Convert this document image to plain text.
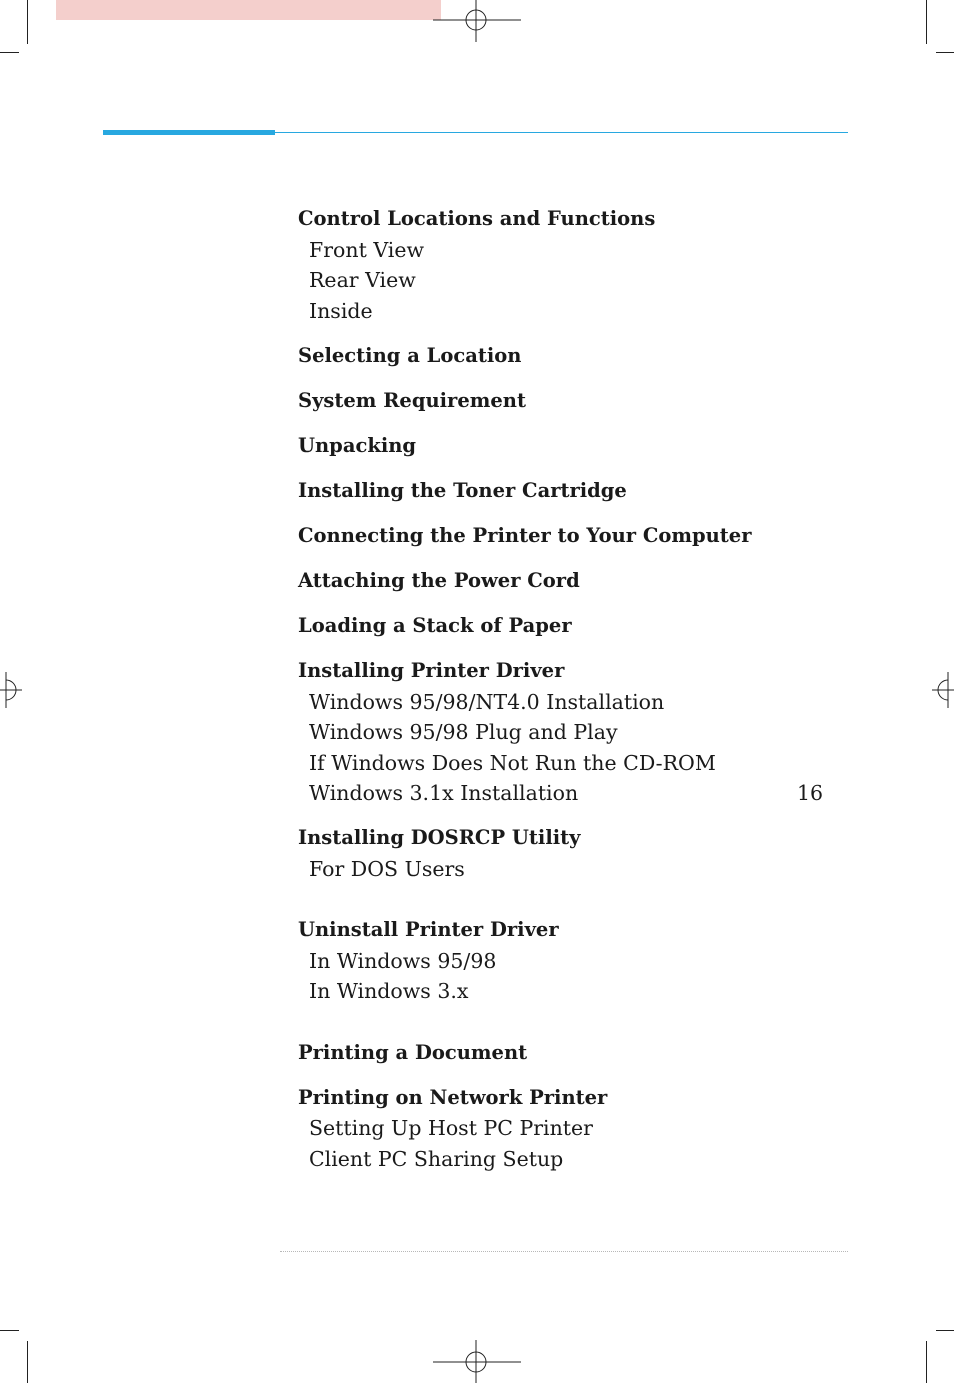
Control Locations and Functions
Front View
Rear View
Inside
Selecting a Location
System Requirement
Unpacking
Installing the Toner Cartridge
Connecting the Printer to Your Computer
Attaching the Power Cord
Loading a Stack of Paper
Installing Printer Driver
Windows 95/98/NT4.0 Installation
Windows 95/98 Plug and Play
If Windows Does Not Run the CD-ROM
Windows 3.1x Installation	16
Installing DOSRCP Utility
For DOS Users
Uninstall Printer Driver
In Windows 95/98
In Windows 3.x
Printing a Document
Printing on Network Printer
Setting Up Host PC Printer
Client PC Sharing Setup
